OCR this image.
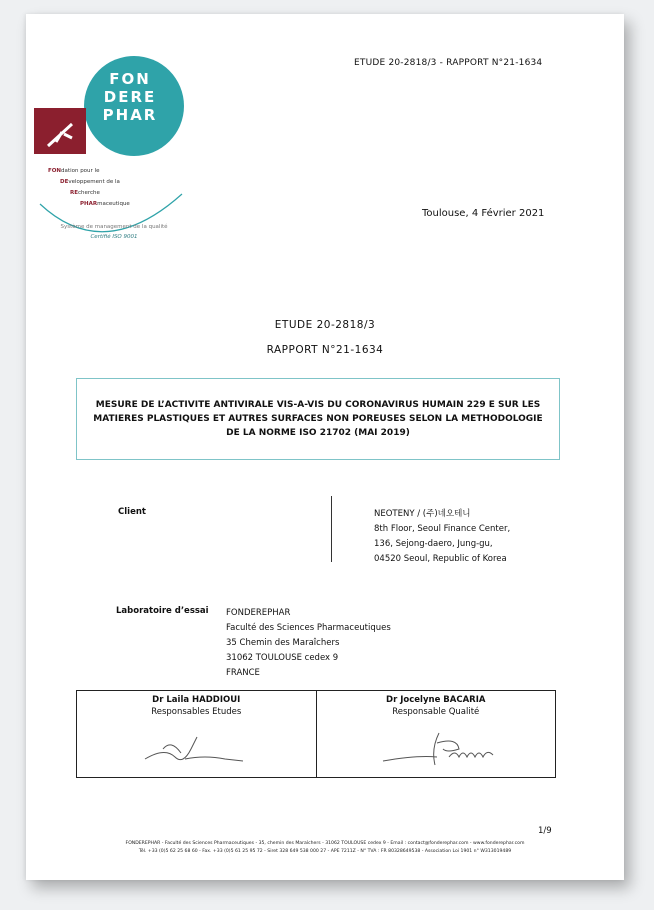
ETUDE 20-2818/3 - RAPPORT N°21-1634
FON
DERE
PHAR
FONdation pour le DEveloppement de la REcherche PHARmaceutique
Système de management de la qualité
Certifié ISO 9001
Toulouse, 4 Février 2021
ETUDE 20-2818/3
RAPPORT N°21-1634
MESURE DE L’ACTIVITE ANTIVIRALE VIS-A-VIS DU CORONAVIRUS HUMAIN 229 E SUR LES MATIERES PLASTIQUES ET AUTRES SURFACES NON POREUSES SELON LA METHODOLOGIE DE LA NORME ISO 21702 (MAI 2019)
Client	NEOTENY / (주)네오테니
8th Floor, Seoul Finance Center,
136, Sejong-daero, Jung-gu,
04520 Seoul, Republic of Korea
Laboratoire d’essai FONDEREPHAR
Faculté des Sciences Pharmaceutiques
35 Chemin des Maraîchers
31062 TOULOUSE cedex 9
FRANCE
Dr Laila HADDIOUI
Responsables Etudes
Dr Jocelyne BACARIA
Responsable Qualité
1/9
FONDEREPHAR - Faculté des Sciences Pharmaceutiques - 35, chemin des Maraîchers - 31062 TOULOUSE cedex 9 - Email : contact@fonderephar.com - www.fonderephar.com
Tél. +33 (0)5 62 25 68 60 - Fax. +33 (0)5 61 25 95 72 - Siret 328 649 538 000 27 - APE 7211Z - N° TVA : FR 80328649538 - Association Loi 1901 n° W313019489
